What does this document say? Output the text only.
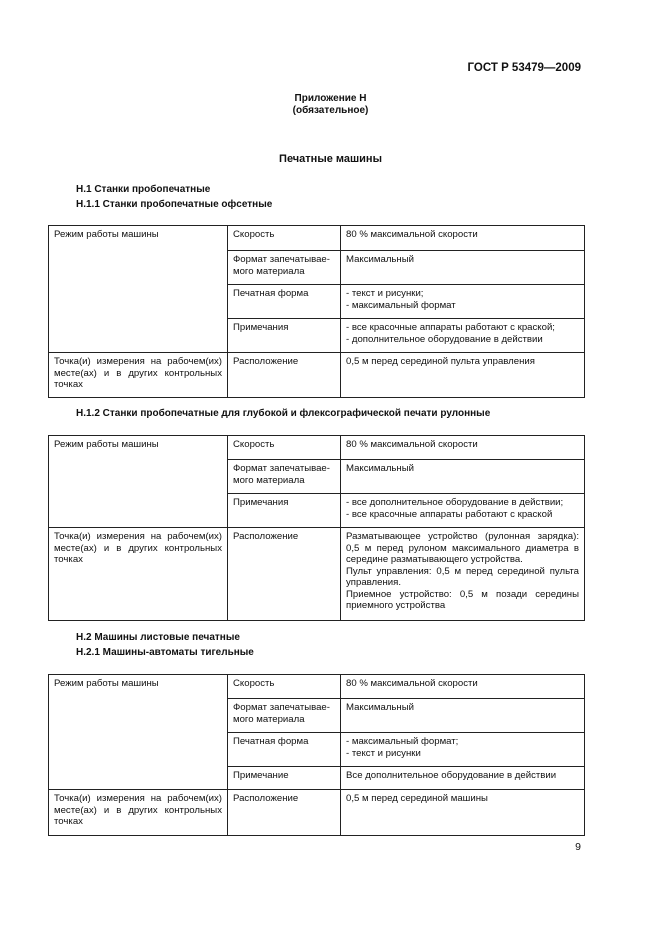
ГОСТ Р 53479—2009
Приложение Н
(обязательное)
Печатные машины
Н.1 Станки пробопечатные
Н.1.1 Станки пробопечатные офсетные
Режим работы машины	Скорость	80 % максимальной скорости
	Формат запечатывае-мого материала	Максимальный
	Печатная форма	- текст и рисунки;
- максимальный формат

	Примечания	- все красочные аппараты работают с краской;
- дополнительное оборудование в действии

Точка(и) измерения на рабочем(их) месте(ах) и в других контрольных точках	Расположение	0,5 м перед серединой пульта управления
Н.1.2 Станки пробопечатные для глубокой и флексографической печати рулонные
Режим работы машины	Скорость	80 % максимальной скорости
	Формат запечатывае-мого материала	Максимальный
	Примечания	- все дополнительное оборудование в действии;
- все красочные аппараты работают с краской

Точка(и) измерения на рабочем(их) месте(ах) и в других контрольных точках	Расположение	Разматывающее устройство (рулонная зарядка): 0,5 м перед рулоном максимального диаметра в середине разматывающего устройства.
Пульт управления: 0,5 м перед серединой пульта управления.
Приемное устройство: 0,5 м позади середины приемного устройства
Н.2 Машины листовые печатные
Н.2.1 Машины-автоматы тигельные
Режим работы машины	Скорость	80 % максимальной скорости
	Формат запечатывае-мого материала	Максимальный
	Печатная форма	- максимальный формат;
- текст и рисунки

	Примечание	Все дополнительное оборудование в действии
Точка(и) измерения на рабочем(их) месте(ах) и в других контрольных точках	Расположение	0,5 м перед серединой машины
9
